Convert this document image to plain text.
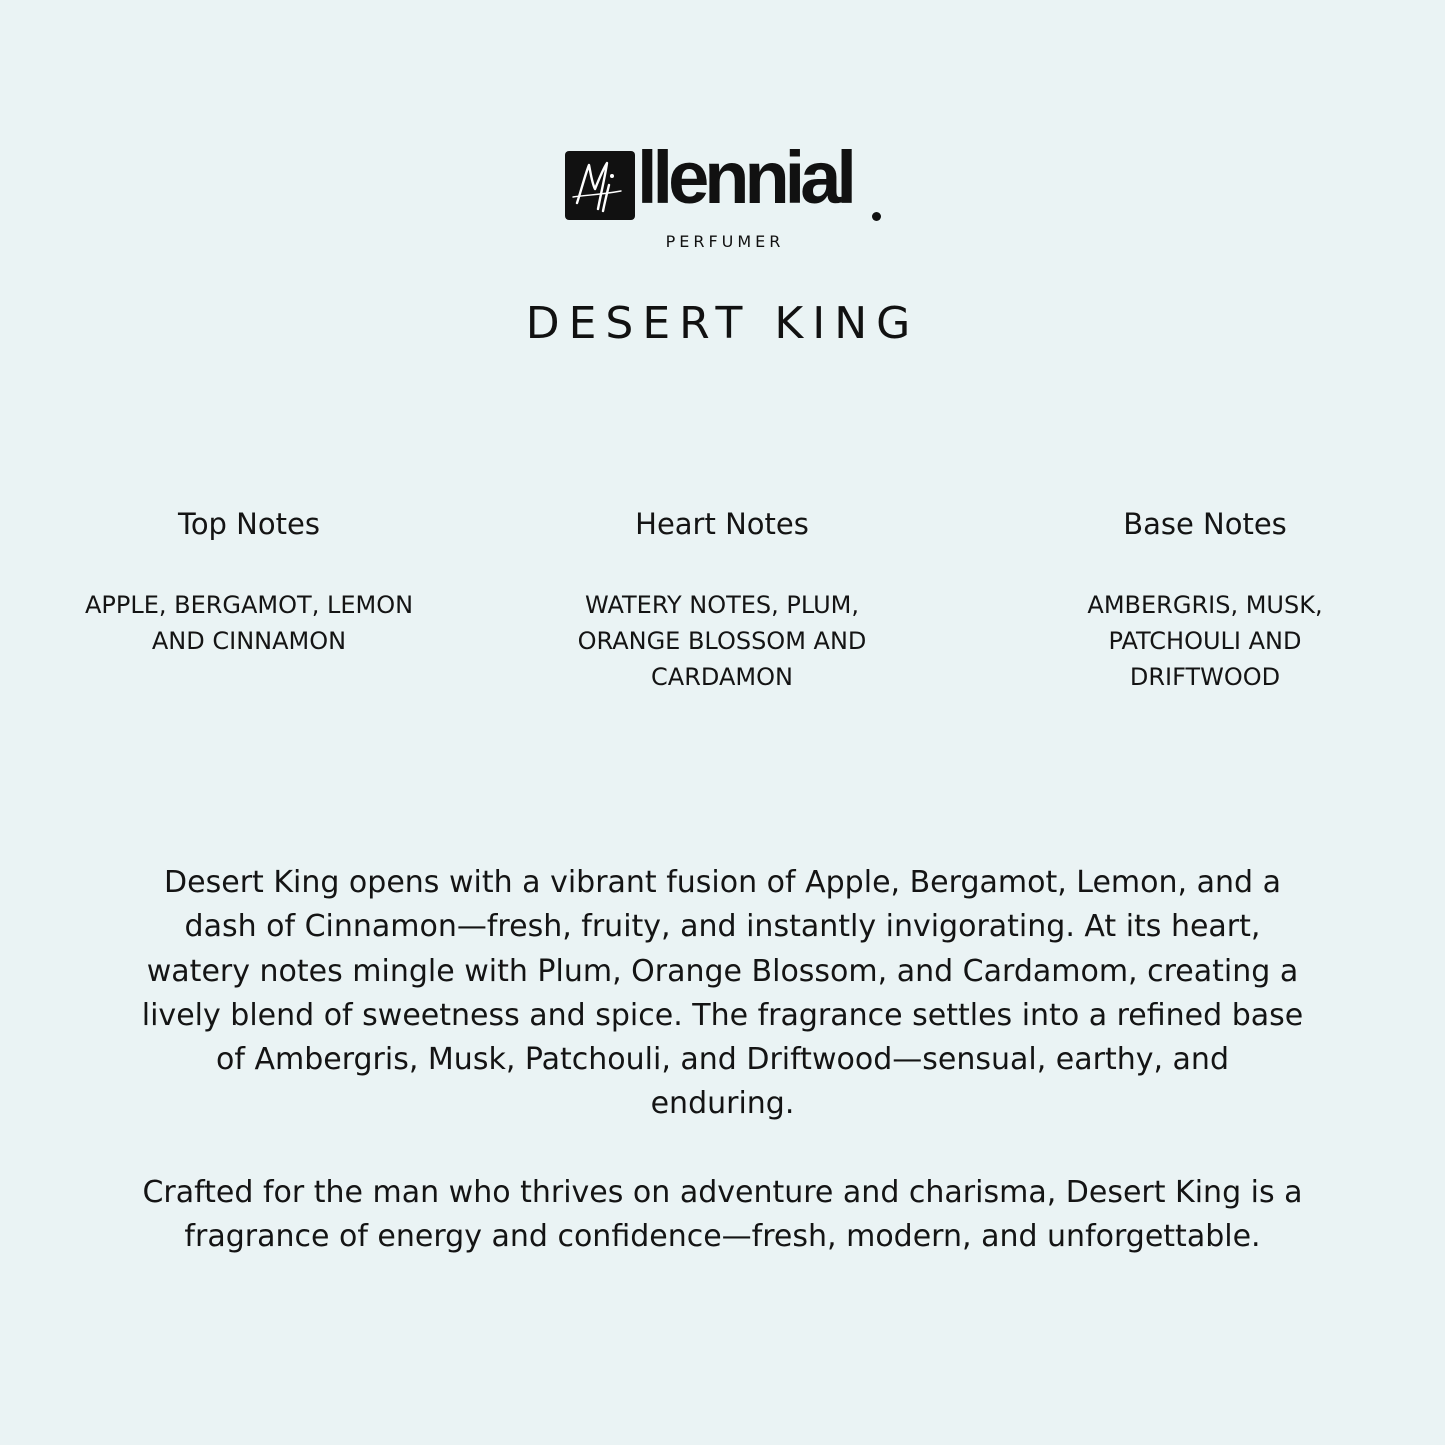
llennial
PERFUMER
DESERT KING
Top Notes
APPLE, BERGAMOT, LEMON AND CINNAMON
Heart Notes
WATERY NOTES, PLUM, ORANGE BLOSSOM AND CARDAMON
Base Notes
AMBERGRIS, MUSK, PATCHOULI AND DRIFTWOOD

Desert King opens with a vibrant fusion of Apple, Bergamot, Lemon, and a dash of Cinnamon—fresh, fruity, and instantly invigorating. At its heart, watery notes mingle with Plum, Orange Blossom, and Cardamom, creating a lively blend of sweetness and spice. The fragrance settles into a refined base of Ambergris, Musk, Patchouli, and Driftwood—sensual, earthy, and enduring.

Crafted for the man who thrives on adventure and charisma, Desert King is a fragrance of energy and confidence—fresh, modern, and unforgettable.
